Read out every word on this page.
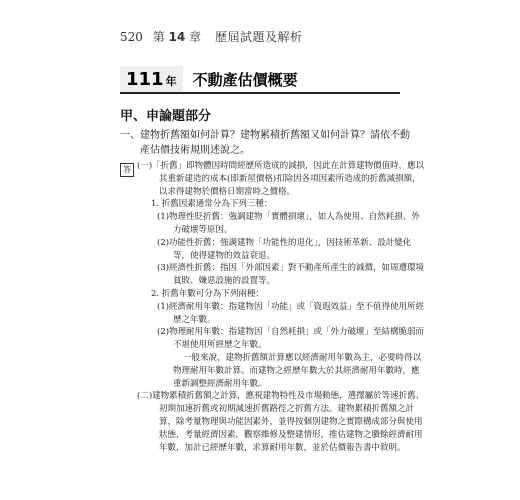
520 第 14 章 歷屆試題及解析
111 年 不動產估價概要
甲、申論題部分
一、建物折舊額如何計算？建物累積折舊額又如何計算？請依不動產估價技術規則述說之。
答 (一)「折舊」即物體因時間經歷所造成的減損，因此在計算建物價值時，應以其重新建造的成本(即新屋價格)扣除因各項因素所造成的折舊減損額，以求得建物於價格日期當時之價格。
1. 折舊因素通常分為下列三種：
(1)物理性貶折舊：強調建物「實體損壞」，如人為使用、自然耗損、外力破壞等原因。
(2)功能性折舊：強調建物「功能性的退化」，因技術革新、設計變化等，使得建物的效益衰退。
(3)經濟性折舊：指因「外部因素」對不動產所產生的減價，如周遭環境貧敗、嫌惡設施的設置等。
2. 折舊年數可分為下列兩種：
(1)經濟耐用年數：指建物因「功能」或「資遐效益」至不值得使用所經歷之年數。
(2)物理耐用年數：指建物因「自然耗損」或「外力破壞」至結構脆弱而不堪使用所經歷之年數。
一般來說，建物折舊額計算應以經濟耐用年數為主，必要時得以物理耐用年數計算。而建物之經歷年數大於其經濟耐用年數時，應重新調整經濟耐用年數。
(二)建物累積折舊額之計算，應視建物特性及市場動態，選擇屬於等速折舊、初期加速折舊或初期減速折舊路徑之折舊方法。建物累積折舊額之計算，除考量物理與功能因素外，並得按個別建物之實際構成部分與使用狀態，考量經濟因素，觀察維修及整建情形，推估建物之賸餘經濟耐用年數，加計已經歷年數，求算耐用年數，並於估價報告書中敘明。
